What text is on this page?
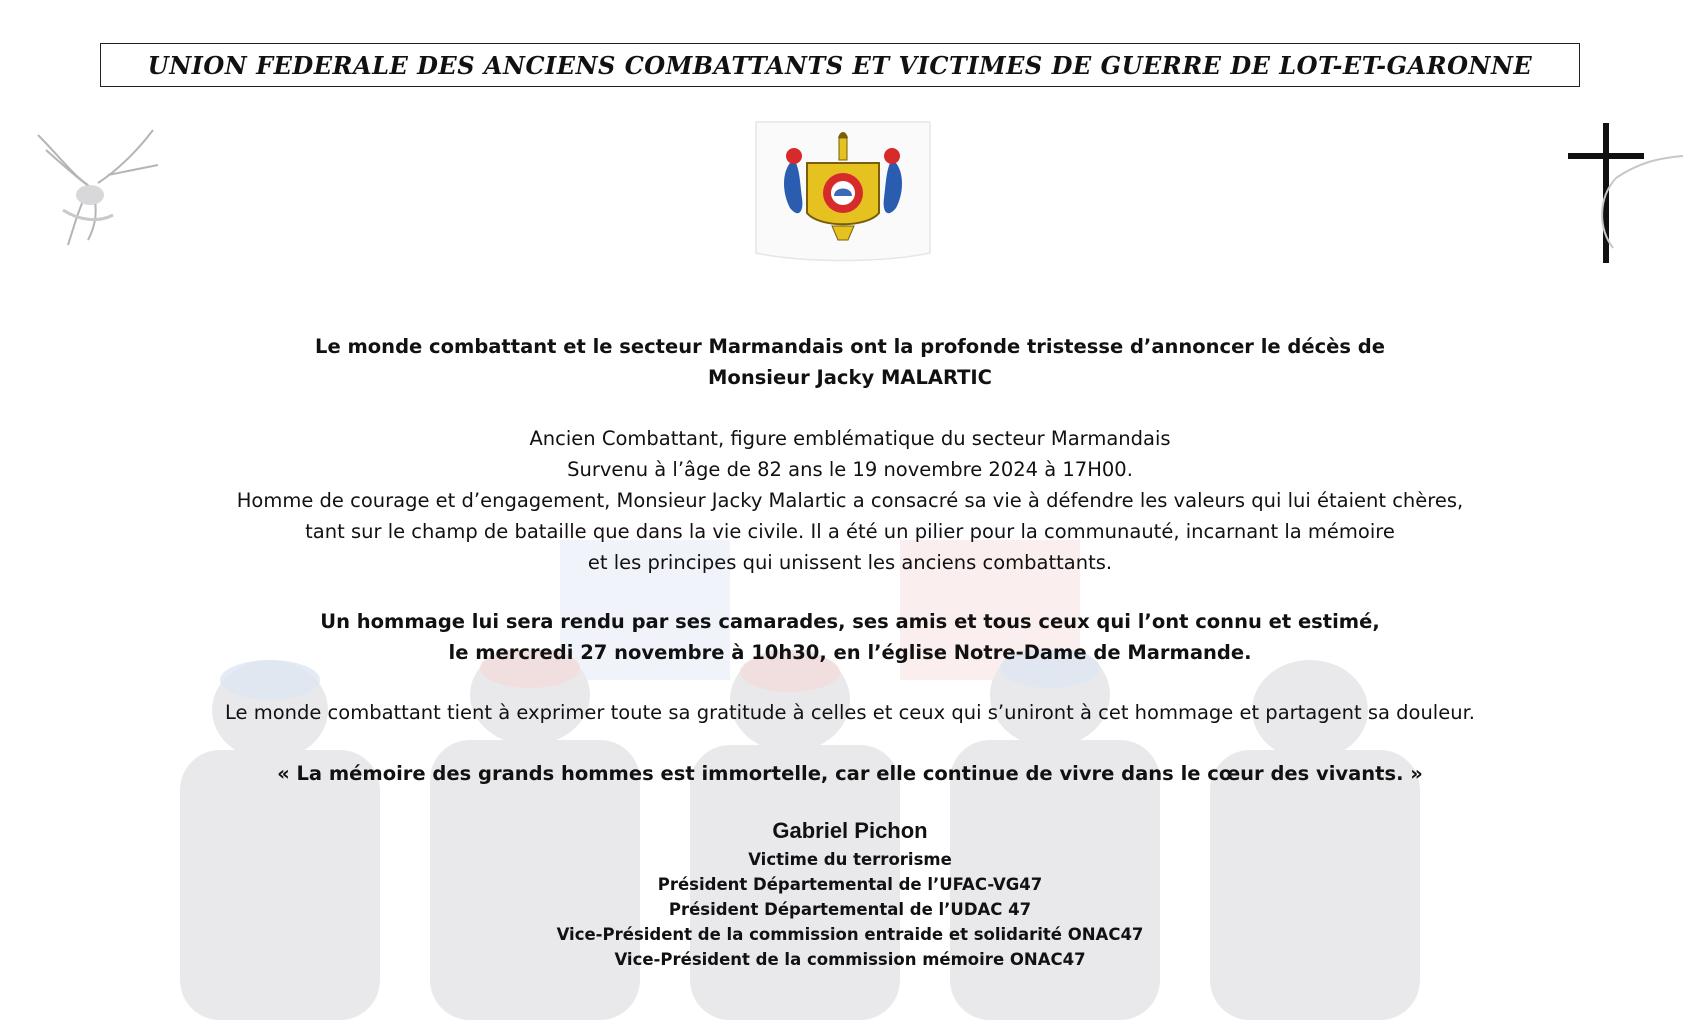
UNION FEDERALE DES ANCIENS COMBATTANTS ET VICTIMES DE GUERRE DE LOT-ET-GARONNE
Le monde combattant et le secteur Marmandais ont la profonde tristesse d’annoncer le décès de
Monsieur Jacky MALARTIC
Ancien Combattant, figure emblématique du secteur Marmandais
Survenu à l’âge de 82 ans le 19 novembre 2024 à 17H00.
Homme de courage et d’engagement, Monsieur Jacky Malartic a consacré sa vie à défendre les valeurs qui lui étaient chères,
tant sur le champ de bataille que dans la vie civile. Il a été un pilier pour la communauté, incarnant la mémoire
et les principes qui unissent les anciens combattants.
Un hommage lui sera rendu par ses camarades, ses amis et tous ceux qui l’ont connu et estimé,
le mercredi 27 novembre à 10h30, en l’église Notre-Dame de Marmande.
Le monde combattant tient à exprimer toute sa gratitude à celles et ceux qui s’uniront à cet hommage et partagent sa douleur.
« La mémoire des grands hommes est immortelle, car elle continue de vivre dans le cœur des vivants. »
Gabriel Pichon
Victime du terrorisme
Président Départemental de l’UFAC-VG47
Président Départemental de l’UDAC 47
Vice-Président de la commission entraide et solidarité ONAC47
Vice-Président de la commission mémoire ONAC47
